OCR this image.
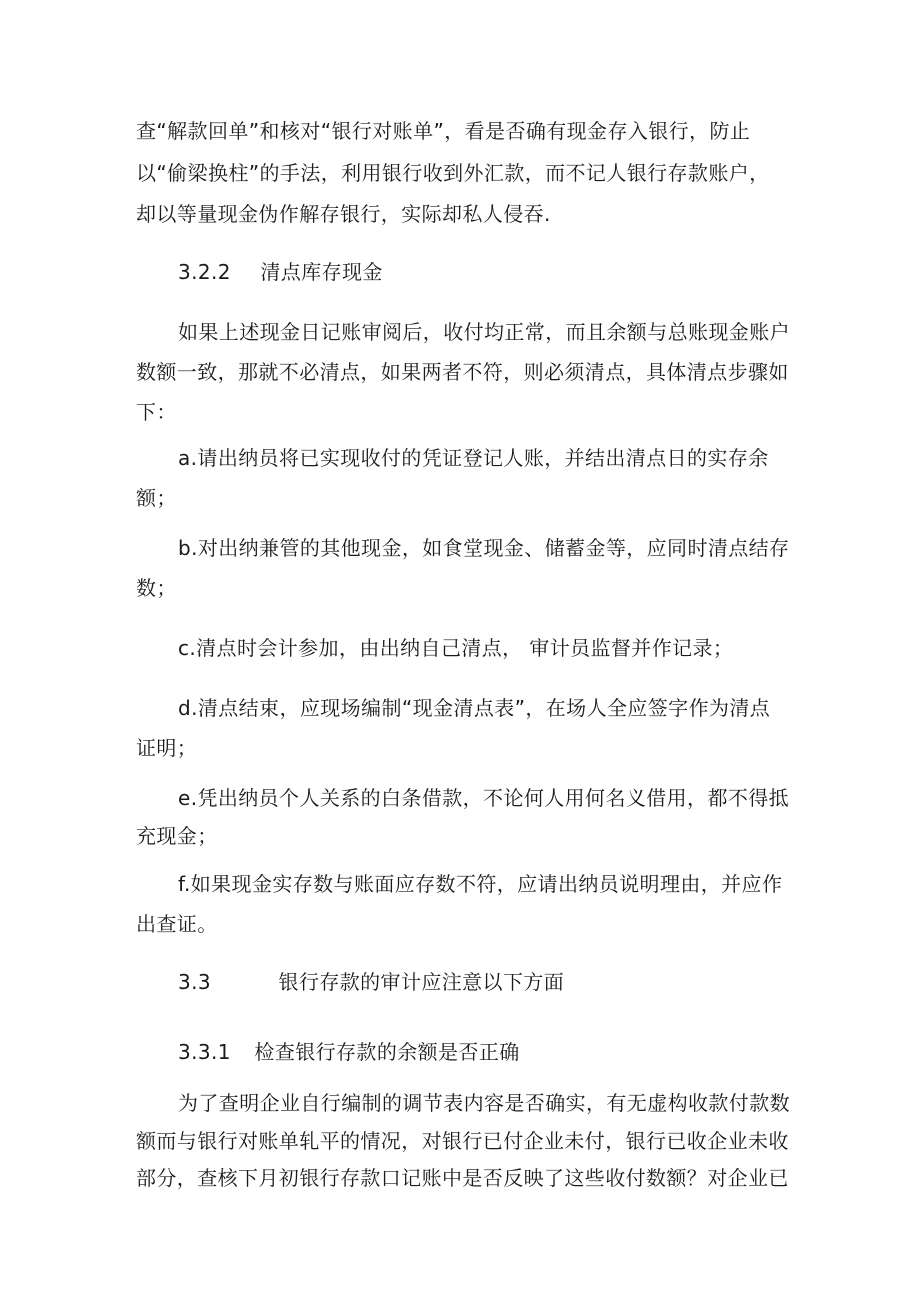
查“解款回单”和核对“银行对账单”，看是否确有现金存入银行，防止
以“偷梁换柱”的手法，利用银行收到外汇款，而不记人银行存款账户，
却以等量现金伪作解存银行，实际却私人侵吞.
3.2.2 清点库存现金
如果上述现金日记账审阅后，收付均正常，而且余额与总账现金账户
数额一致，那就不必清点，如果两者不符，则必须清点，具体清点步骤如
下：
a.请出纳员将已实现收付的凭证登记人账，并结出清点日的实存余
额；
b.对出纳兼管的其他现金，如食堂现金、储蓄金等，应同时清点结存
数；
c.清点时会计参加，由出纳自己清点， 审计员监督并作记录；
d.清点结束，应现场编制“现金清点表”，在场人全应签字作为清点
证明；
e.凭出纳员个人关系的白条借款，不论何人用何名义借用，都不得抵
充现金；
f.如果现金实存数与账面应存数不符，应请出纳员说明理由，并应作
出查证。
3.3	银行存款的审计应注意以下方面
3.3.1 检查银行存款的余额是否正确
为了查明企业自行编制的调节表内容是否确实，有无虚构收款付款数
额而与银行对账单轧平的情况，对银行已付企业未付，银行已收企业未收
部分，查核下月初银行存款口记账中是否反映了这些收付数额？对企业已
